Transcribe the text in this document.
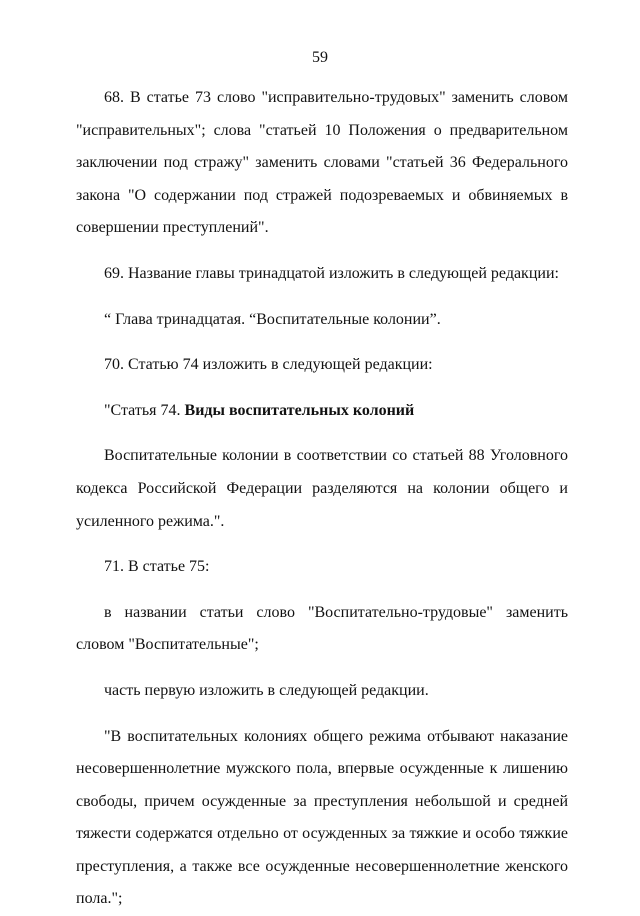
59

68. В статье 73 слово "исправительно-трудовых" заменить словом "исправительных"; слова "статьей 10 Положения о предварительном заключении под стражу" заменить словами "статьей 36 Федерального закона "О содержании под стражей подозреваемых и обвиняемых в совершении преступлений".

69. Название главы тринадцатой изложить в следующей редакции:

“ Глава тринадцатая. “Воспитательные колонии”.

70. Статью 74 изложить в следующей редакции:

"Статья 74. Виды воспитательных колоний

Воспитательные колонии в соответствии со статьей 88 Уголовного кодекса Российской Федерации разделяются на колонии общего и усиленного режима.".

71. В статье 75:

в названии статьи слово "Воспитательно-трудовые" заменить словом "Воспитательные";

часть первую изложить в следующей редакции.

"В воспитательных колониях общего режима отбывают наказание несовершеннолетние мужского пола, впервые осужденные к лишению свободы, причем осужденные за преступления небольшой и средней тяжести содержатся отдельно от осужденных за тяжкие и особо тяжкие преступления, а также все осужденные несовершеннолетние женского пола.";
